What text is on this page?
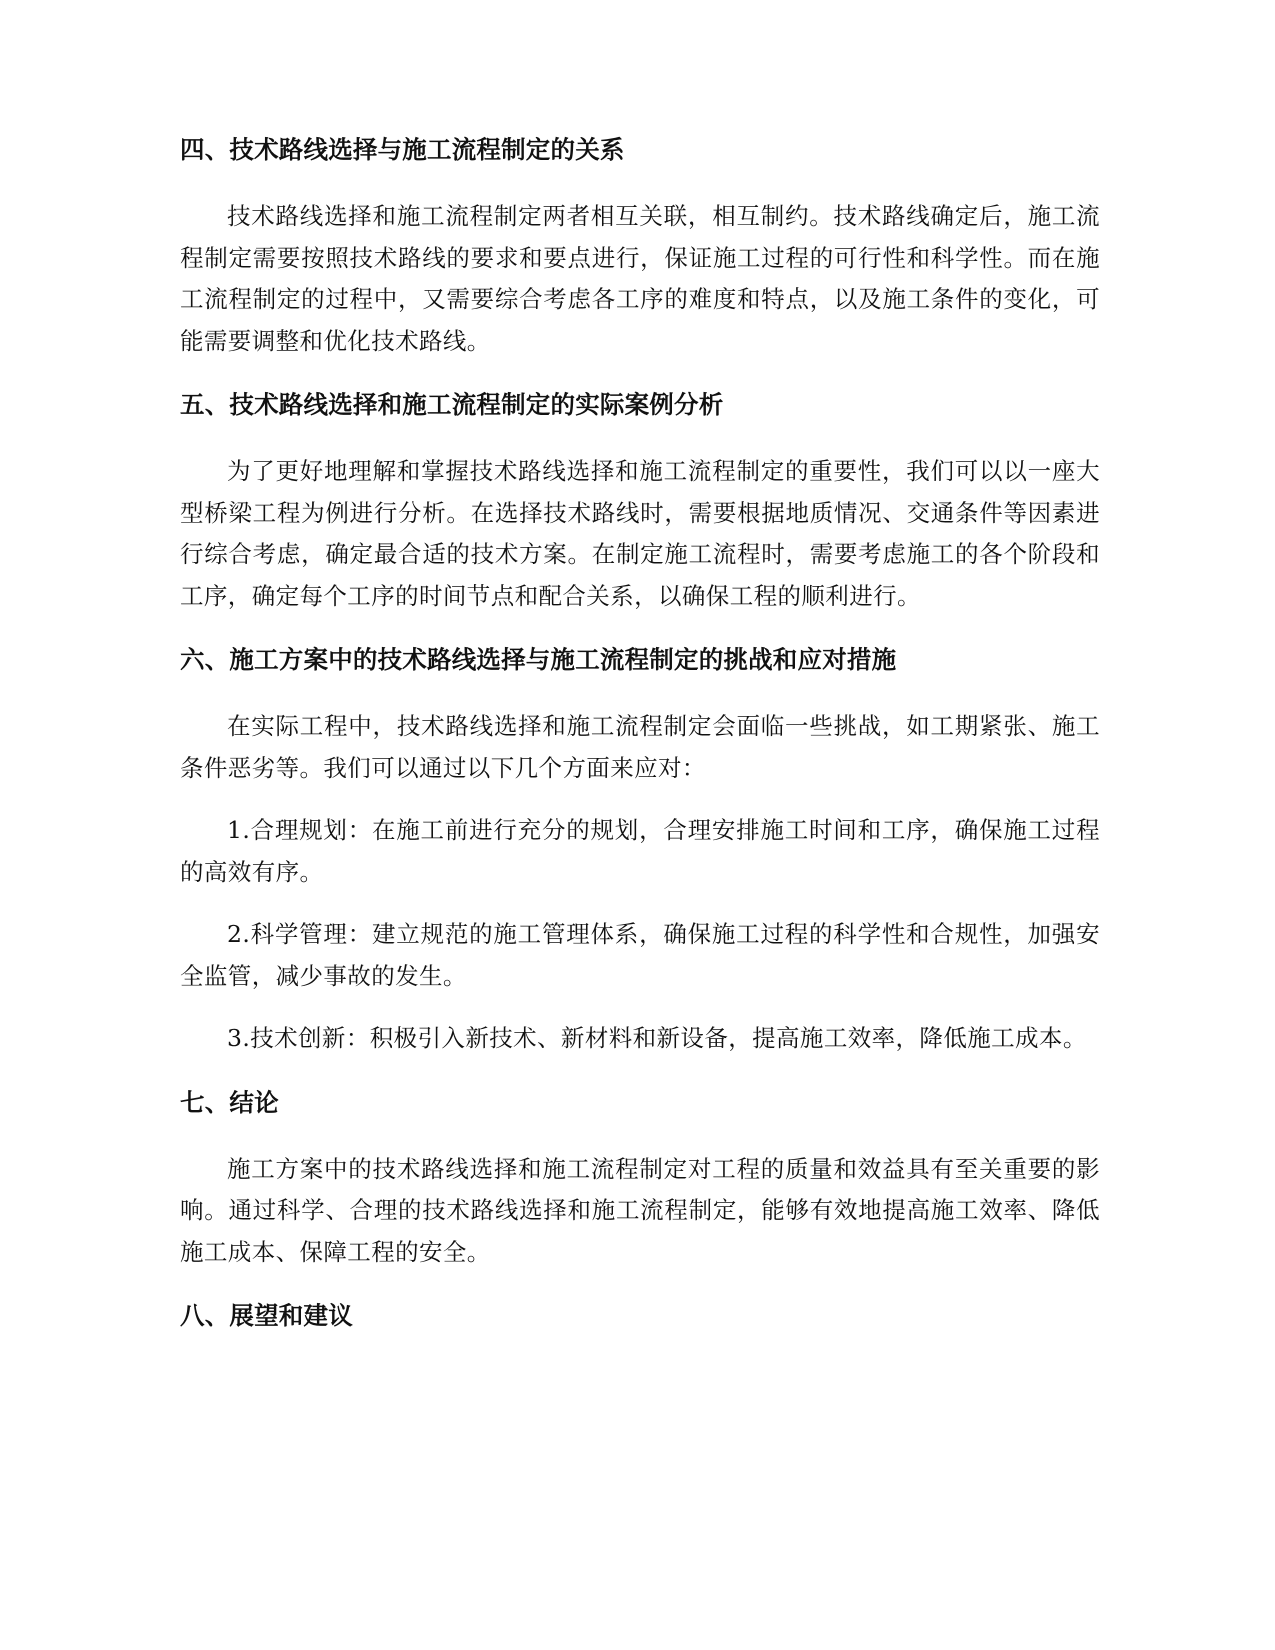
四、技术路线选择与施工流程制定的关系

技术路线选择和施工流程制定两者相互关联，相互制约。技术路线确定后，施工流程制定需要按照技术路线的要求和要点进行，保证施工过程的可行性和科学性。而在施工流程制定的过程中，又需要综合考虑各工序的难度和特点，以及施工条件的变化，可能需要调整和优化技术路线。

五、技术路线选择和施工流程制定的实际案例分析

为了更好地理解和掌握技术路线选择和施工流程制定的重要性，我们可以以一座大型桥梁工程为例进行分析。在选择技术路线时，需要根据地质情况、交通条件等因素进行综合考虑，确定最合适的技术方案。在制定施工流程时，需要考虑施工的各个阶段和工序，确定每个工序的时间节点和配合关系，以确保工程的顺利进行。

六、施工方案中的技术路线选择与施工流程制定的挑战和应对措施

在实际工程中，技术路线选择和施工流程制定会面临一些挑战，如工期紧张、施工条件恶劣等。我们可以通过以下几个方面来应对：

1.合理规划：在施工前进行充分的规划，合理安排施工时间和工序，确保施工过程的高效有序。

2.科学管理：建立规范的施工管理体系，确保施工过程的科学性和合规性，加强安全监管，减少事故的发生。

3.技术创新：积极引入新技术、新材料和新设备，提高施工效率，降低施工成本。

七、结论

施工方案中的技术路线选择和施工流程制定对工程的质量和效益具有至关重要的影响。通过科学、合理的技术路线选择和施工流程制定，能够有效地提高施工效率、降低施工成本、保障工程的安全。

八、展望和建议
